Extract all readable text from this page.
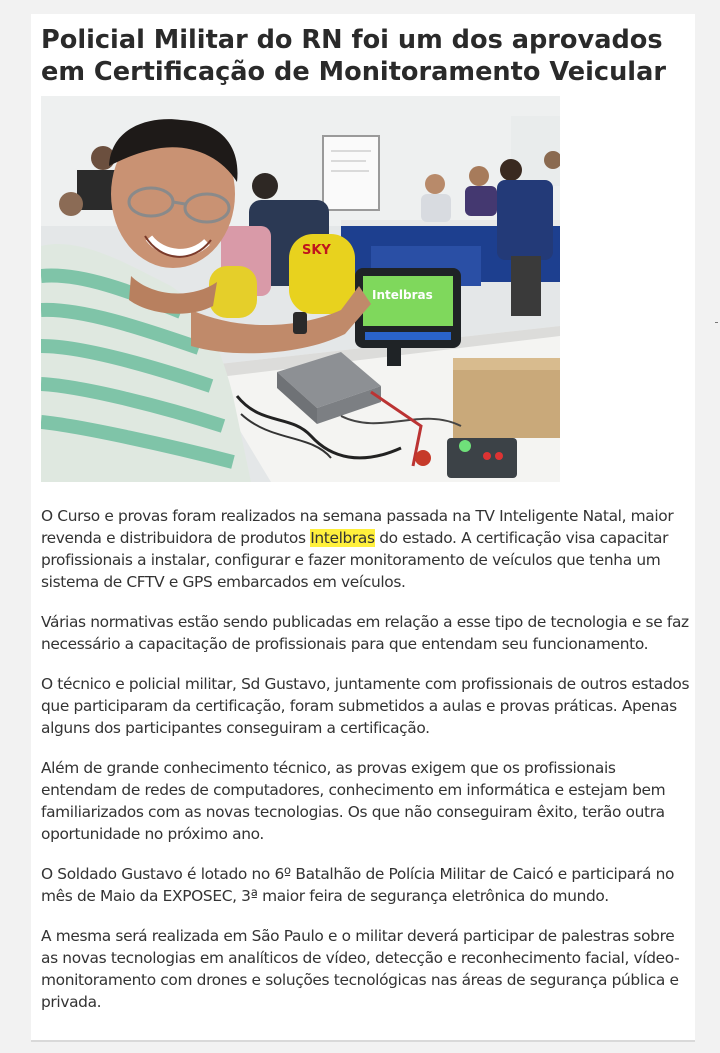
Policial Militar do RN foi um dos aprovados em Certificação de Monitoramento Veicular
SKY
Intelbras

O Curso e provas foram realizados na semana passada na TV Inteligente Natal, maior revenda e distribuidora de produtos Intelbras do estado. A certificação visa capacitar profissionais a instalar, configurar e fazer monitoramento de veículos que tenha um sistema de CFTV e GPS embarcados em veículos.

Várias normativas estão sendo publicadas em relação a esse tipo de tecnologia e se faz necessário a capacitação de profissionais para que entendam seu funcionamento.

O técnico e policial militar, Sd Gustavo, juntamente com profissionais de outros estados que participaram da certificação, foram submetidos a aulas e provas práticas. Apenas alguns dos participantes conseguiram a certificação.

Além de grande conhecimento técnico, as provas exigem que os profissionais entendam de redes de computadores, conhecimento em informática e estejam bem familiarizados com as novas tecnologias. Os que não conseguiram êxito, terão outra oportunidade no próximo ano.

O Soldado Gustavo é lotado no 6º Batalhão de Polícia Militar de Caicó e participará no mês de Maio da EXPOSEC, 3ª maior feira de segurança eletrônica do mundo.

A mesma será realizada em São Paulo e o militar deverá participar de palestras sobre as novas tecnologias em analíticos de vídeo, detecção e reconhecimento facial, vídeo-monitoramento com drones e soluções tecnológicas nas áreas de segurança pública e privada.
